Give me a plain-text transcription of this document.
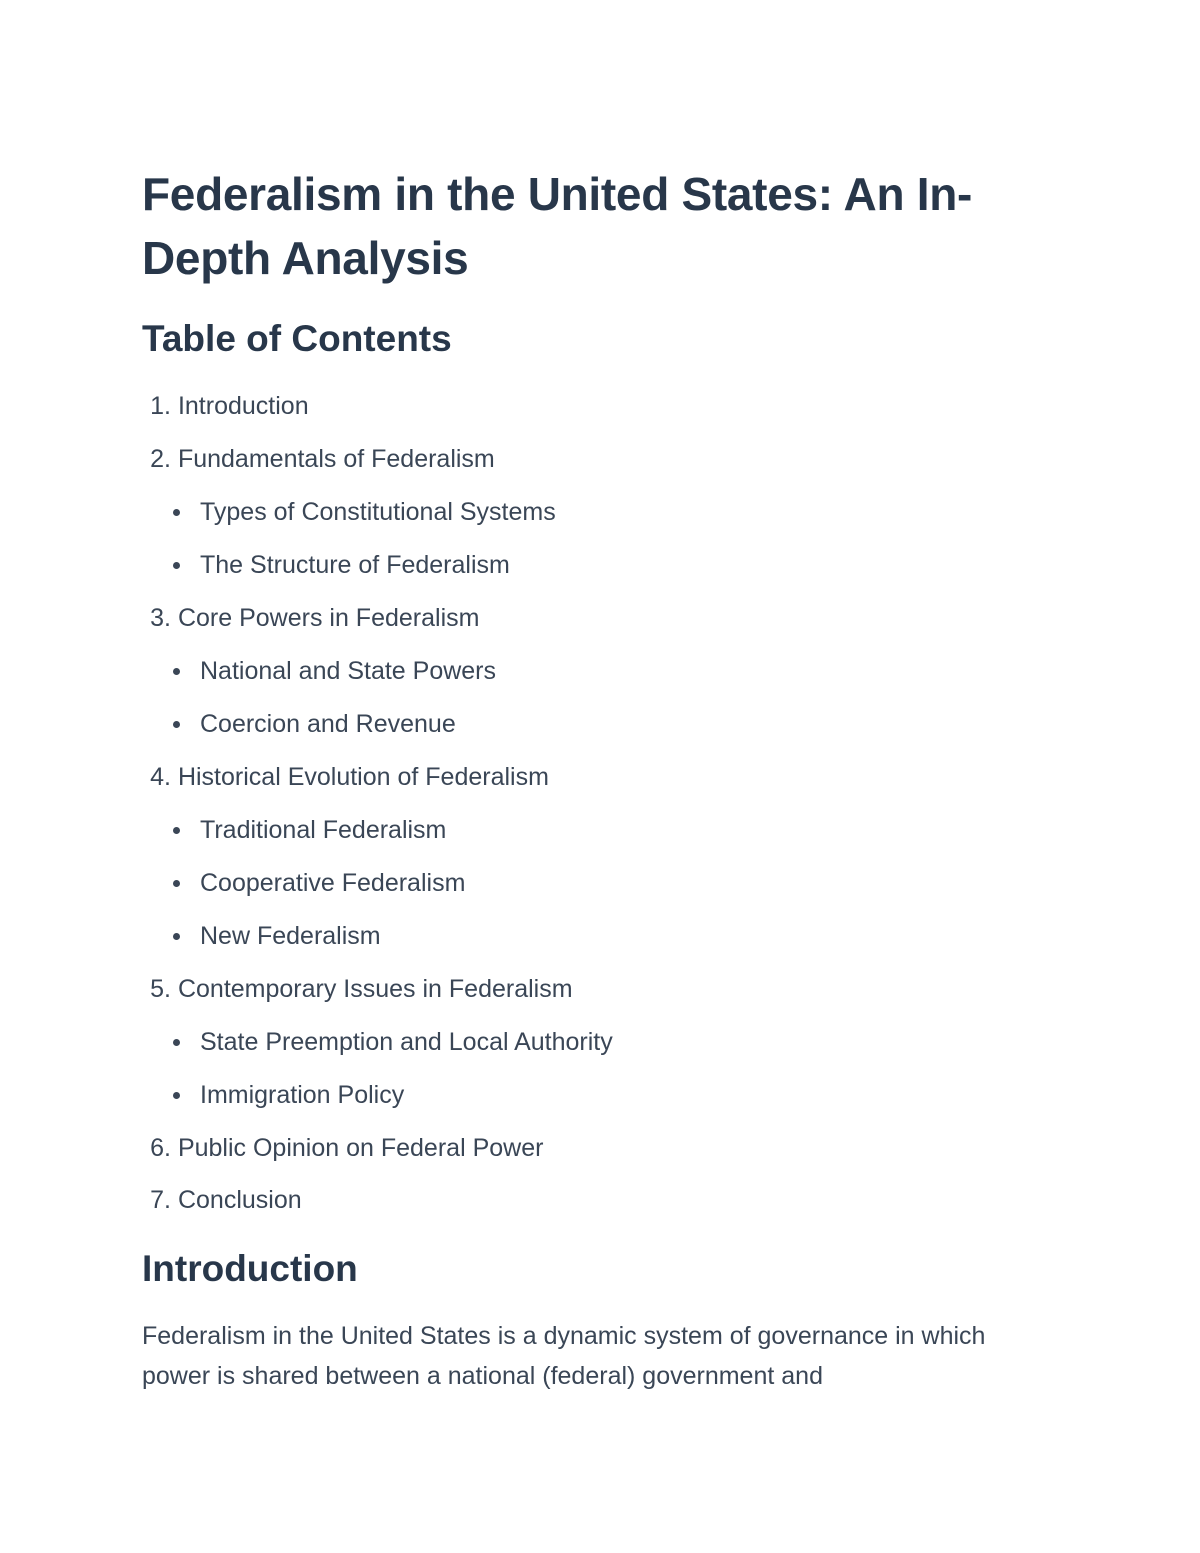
Federalism in the United States: An In-Depth Analysis
Table of Contents
1. Introduction
2. Fundamentals of Federalism
Types of Constitutional Systems
The Structure of Federalism
3. Core Powers in Federalism
National and State Powers
Coercion and Revenue
4. Historical Evolution of Federalism
Traditional Federalism
Cooperative Federalism
New Federalism
5. Contemporary Issues in Federalism
State Preemption and Local Authority
Immigration Policy
6. Public Opinion on Federal Power
7. Conclusion
Introduction

Federalism in the United States is a dynamic system of governance in which power is shared between a national (federal) government and
